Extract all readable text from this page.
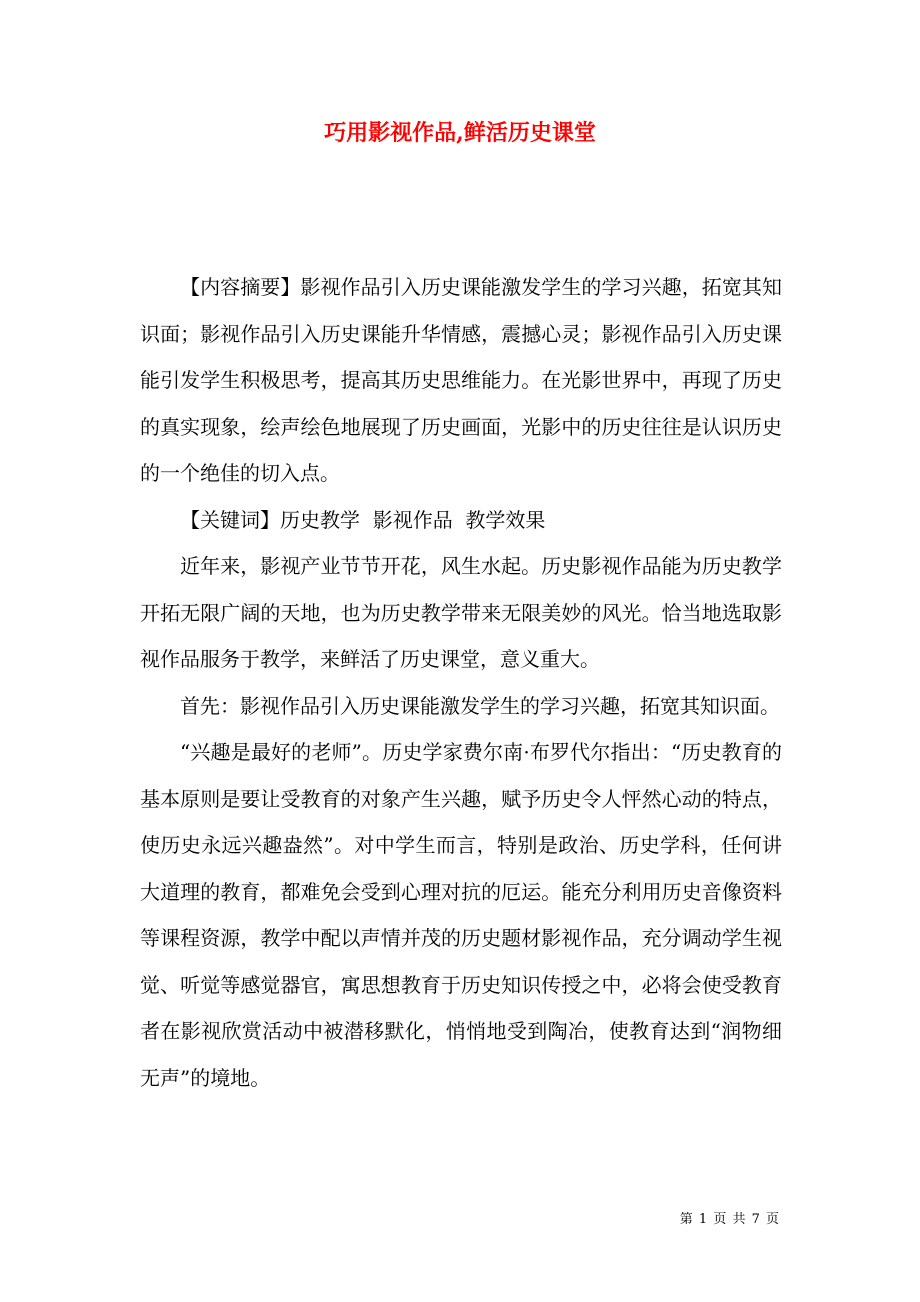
巧用影视作品,鲜活历史课堂

【内容摘要】影视作品引入历史课能激发学生的学习兴趣，拓宽其知识面；影视作品引入历史课能升华情感，震撼心灵；影视作品引入历史课能引发学生积极思考，提高其历史思维能力。在光影世界中，再现了历史的真实现象，绘声绘色地展现了历史画面，光影中的历史往往是认识历史的一个绝佳的切入点。

【关键词】历史教学  影视作品  教学效果

近年来，影视产业节节开花，风生水起。历史影视作品能为历史教学开拓无限广阔的天地，也为历史教学带来无限美妙的风光。恰当地选取影视作品服务于教学，来鲜活了历史课堂，意义重大。

首先：影视作品引入历史课能激发学生的学习兴趣，拓宽其知识面。

“兴趣是最好的老师”。历史学家费尔南·布罗代尔指出：“历史教育的基本原则是要让受教育的对象产生兴趣，赋予历史令人怦然心动的特点，使历史永远兴趣盎然”。对中学生而言，特别是政治、历史学科，任何讲大道理的教育，都难免会受到心理对抗的厄运。能充分利用历史音像资料等课程资源，教学中配以声情并茂的历史题材影视作品，充分调动学生视觉、听觉等感觉器官，寓思想教育于历史知识传授之中，必将会使受教育者在影视欣赏活动中被潜移默化，悄悄地受到陶冶，使教育达到“润物细无声”的境地。

第 1 页 共 7 页
